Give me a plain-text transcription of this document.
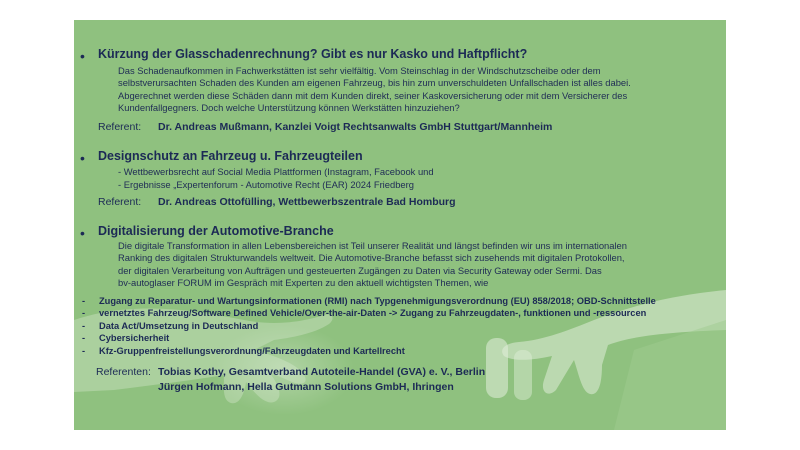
•	Kürzung der Glasschadenrechnung? Gibt es nur Kasko und Haftpflicht?
Das Schadenaufkommen in Fachwerkstätten ist sehr vielfältig. Vom Steinschlag in der Windschutzscheibe oder dem
selbstverursachten Schaden des Kunden am eigenen Fahrzeug, bis hin zum unverschuldeten Unfallschaden ist alles dabei.
Abgerechnet werden diese Schäden dann mit dem Kunden direkt, seiner Kaskoversicherung oder mit dem Versicherer des
Kundenfallgegners. Doch welche Unterstützung können Werkstätten hinzuziehen?
Referent: Dr. Andreas Mußmann, Kanzlei Voigt Rechtsanwalts GmbH Stuttgart/Mannheim
•	Designschutz an Fahrzeug u. Fahrzeugteilen
- Wettbewerbsrecht auf Social Media Plattformen (Instagram, Facebook und
- Ergebnisse „Expertenforum - Automotive Recht (EAR) 2024 Friedberg
Referent: Dr. Andreas Ottofülling, Wettbewerbszentrale Bad Homburg
•	Digitalisierung der Automotive-Branche
Die digitale Transformation in allen Lebensbereichen ist Teil unserer Realität und längst befinden wir uns im internationalen
Ranking des digitalen Strukturwandels weltweit. Die Automotive-Branche befasst sich zusehends mit digitalen Protokollen,
der digitalen Verarbeitung von Aufträgen und gesteuerten Zugängen zu Daten via Security Gateway oder Sermi. Das
bv-autoglaser FORUM im Gespräch mit Experten zu den aktuell wichtigsten Themen, wie
- Zugang zu Reparatur- und Wartungsinformationen (RMI) nach Typgenehmigungsverordnung (EU) 858/2018; OBD-Schnittstelle
- vernetztes Fahrzeug/Software Defined Vehicle/Over-the-air-Daten -> Zugang zu Fahrzeugdaten-, funktionen und -ressourcen
- Data Act/Umsetzung in Deutschland
- Cybersicherheit
- Kfz-Gruppenfreistellungsverordnung/Fahrzeugdaten und Kartellrecht
Referenten: Tobias Kothy, Gesamtverband Autoteile-Handel (GVA) e. V., Berlin
Jürgen Hofmann, Hella Gutmann Solutions GmbH, Ihringen
